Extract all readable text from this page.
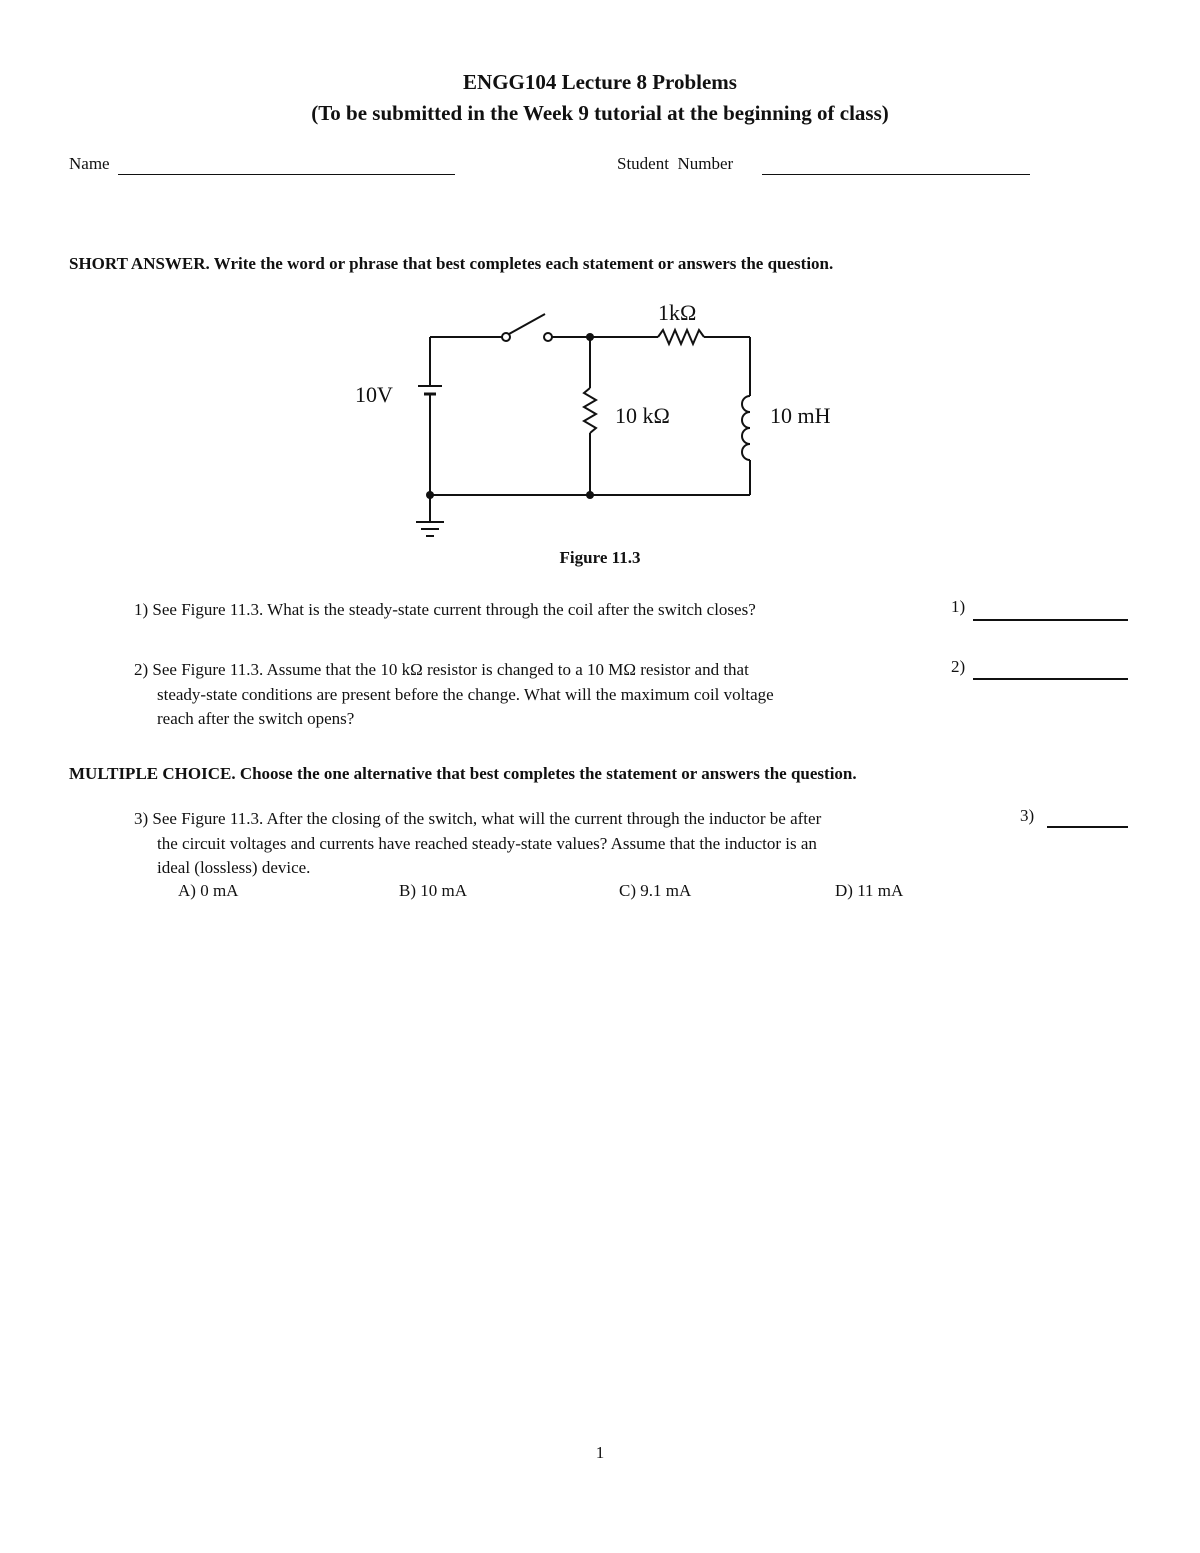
ENGG104 Lecture 8 Problems
(To be submitted in the Week 9 tutorial at the beginning of class)
Name	Student  Number
SHORT ANSWER. Write the word or phrase that best completes each statement or answers the question.
1kΩ
10V
10 kΩ	10 mH
Figure 11.3
1) See Figure 11.3. What is the steady-state current through the coil after the switch closes?	1)
2) See Figure 11.3. Assume that the 10 kΩ resistor is changed to a 10 MΩ resistor and that
steady-state conditions are present before the change. What will the maximum coil voltage
reach after the switch opens?
2)
MULTIPLE CHOICE. Choose the one alternative that best completes the statement or answers the question.
3) See Figure 11.3. After the closing of the switch, what will the current through the inductor be after
the circuit voltages and currents have reached steady-state values? Assume that the inductor is an
ideal (lossless) device.
3)
A) 0 mA	B) 10 mA	C) 9.1 mA	D) 11 mA
1
